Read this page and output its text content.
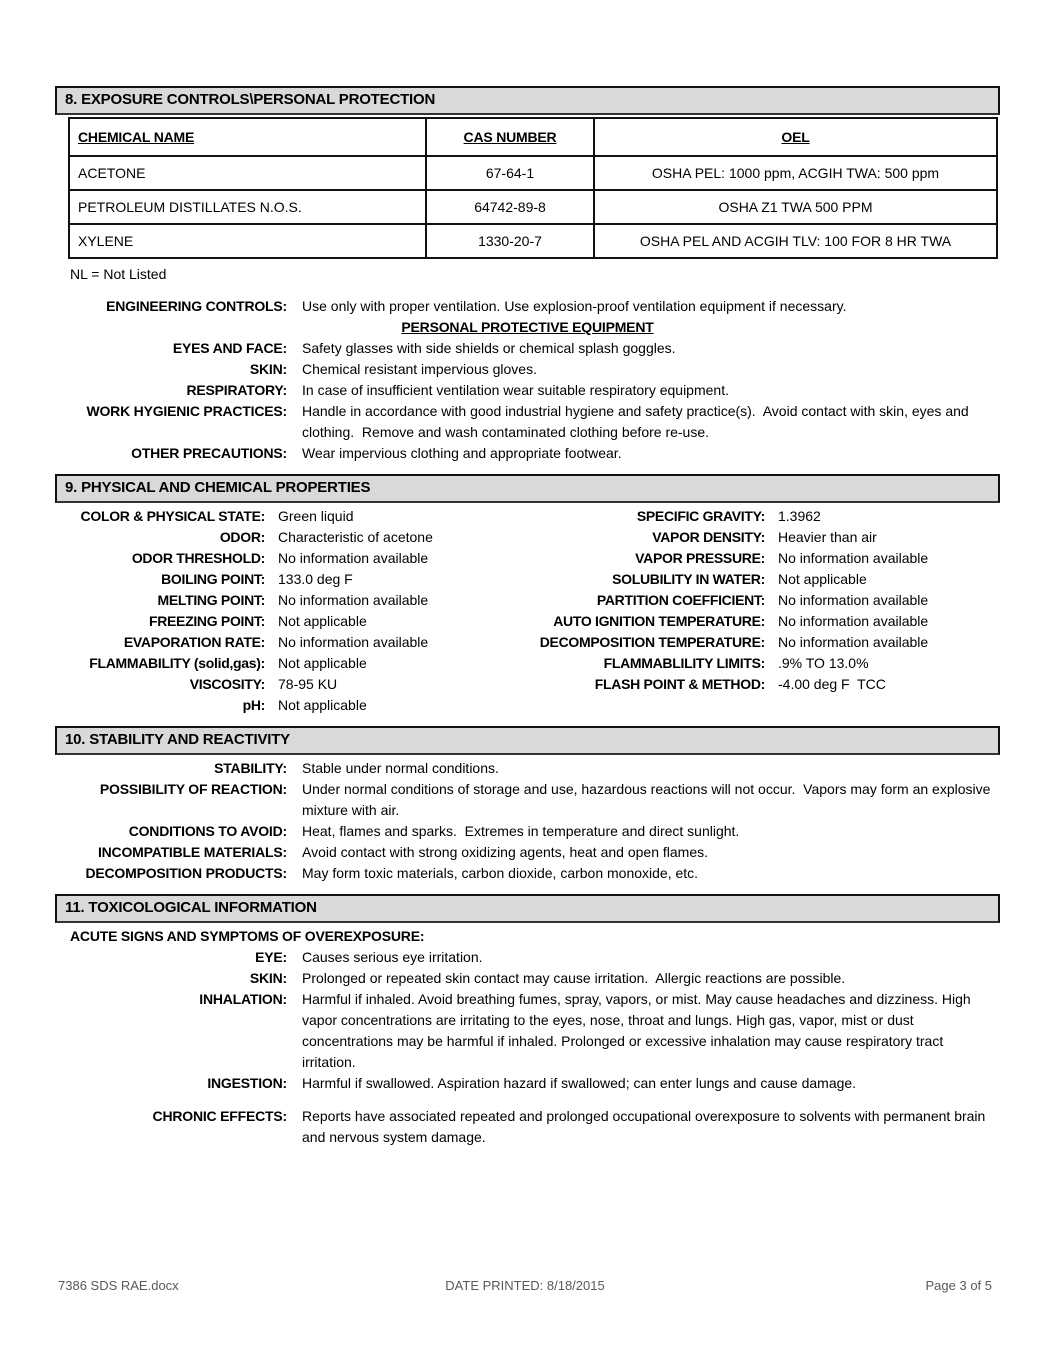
8. EXPOSURE CONTROLS\PERSONAL PROTECTION
CHEMICAL NAME	CAS NUMBER	OEL
ACETONE	67-64-1	OSHA PEL: 1000 ppm, ACGIH TWA: 500 ppm
PETROLEUM DISTILLATES N.O.S.	64742-89-8	OSHA Z1 TWA 500 PPM
XYLENE	1330-20-7	OSHA PEL AND ACGIH TLV: 100 FOR 8 HR TWA
NL = Not Listed
ENGINEERING CONTROLS:	Use only with proper ventilation. Use explosion-proof ventilation equipment if necessary.
PERSONAL PROTECTIVE EQUIPMENT
EYES AND FACE:	Safety glasses with side shields or chemical splash goggles.
SKIN:	Chemical resistant impervious gloves.
RESPIRATORY:	In case of insufficient ventilation wear suitable respiratory equipment.
WORK HYGIENIC PRACTICES:	Handle in accordance with good industrial hygiene and safety practice(s).  Avoid contact with skin, eyes and clothing.  Remove and wash contaminated clothing before re-use.
OTHER PRECAUTIONS:	Wear impervious clothing and appropriate footwear.
9. PHYSICAL AND CHEMICAL PROPERTIES
COLOR & PHYSICAL STATE: Green liquid	SPECIFIC GRAVITY: 1.3962
ODOR: Characteristic of acetone	VAPOR DENSITY: Heavier than air
ODOR THRESHOLD: No information available	VAPOR PRESSURE: No information available
BOILING POINT: 133.0 deg F	SOLUBILITY IN WATER: Not applicable
MELTING POINT: No information available	PARTITION COEFFICIENT: No information available
FREEZING POINT: Not applicable	AUTO IGNITION TEMPERATURE: No information available
EVAPORATION RATE: No information available	DECOMPOSITION TEMPERATURE: No information available
FLAMMABILITY (solid,gas): Not applicable	FLAMMABLILITY LIMITS: .9% TO 13.0%
VISCOSITY: 78-95 KU	FLASH POINT & METHOD: -4.00 deg F  TCC
pH: Not applicable
10. STABILITY AND REACTIVITY
STABILITY:	Stable under normal conditions.
POSSIBILITY OF REACTION:	Under normal conditions of storage and use, hazardous reactions will not occur.  Vapors may form an explosive mixture with air.
CONDITIONS TO AVOID:	Heat, flames and sparks.  Extremes in temperature and direct sunlight.
INCOMPATIBLE MATERIALS:	Avoid contact with strong oxidizing agents, heat and open flames.
DECOMPOSITION PRODUCTS:	May form toxic materials, carbon dioxide, carbon monoxide, etc.
11. TOXICOLOGICAL INFORMATION
ACUTE SIGNS AND SYMPTOMS OF OVEREXPOSURE:
EYE:	Causes serious eye irritation.
SKIN:	Prolonged or repeated skin contact may cause irritation.  Allergic reactions are possible.
INHALATION:	Harmful if inhaled. Avoid breathing fumes, spray, vapors, or mist. May cause headaches and dizziness. High vapor concentrations are irritating to the eyes, nose, throat and lungs. High gas, vapor, mist or dust concentrations may be harmful if inhaled. Prolonged or excessive inhalation may cause respiratory tract irritation.
INGESTION:	Harmful if swallowed. Aspiration hazard if swallowed; can enter lungs and cause damage.
CHRONIC EFFECTS:	Reports have associated repeated and prolonged occupational overexposure to solvents with permanent brain and nervous system damage.
7386 SDS RAE.docx	DATE PRINTED: 8/18/2015	Page 3 of 5
